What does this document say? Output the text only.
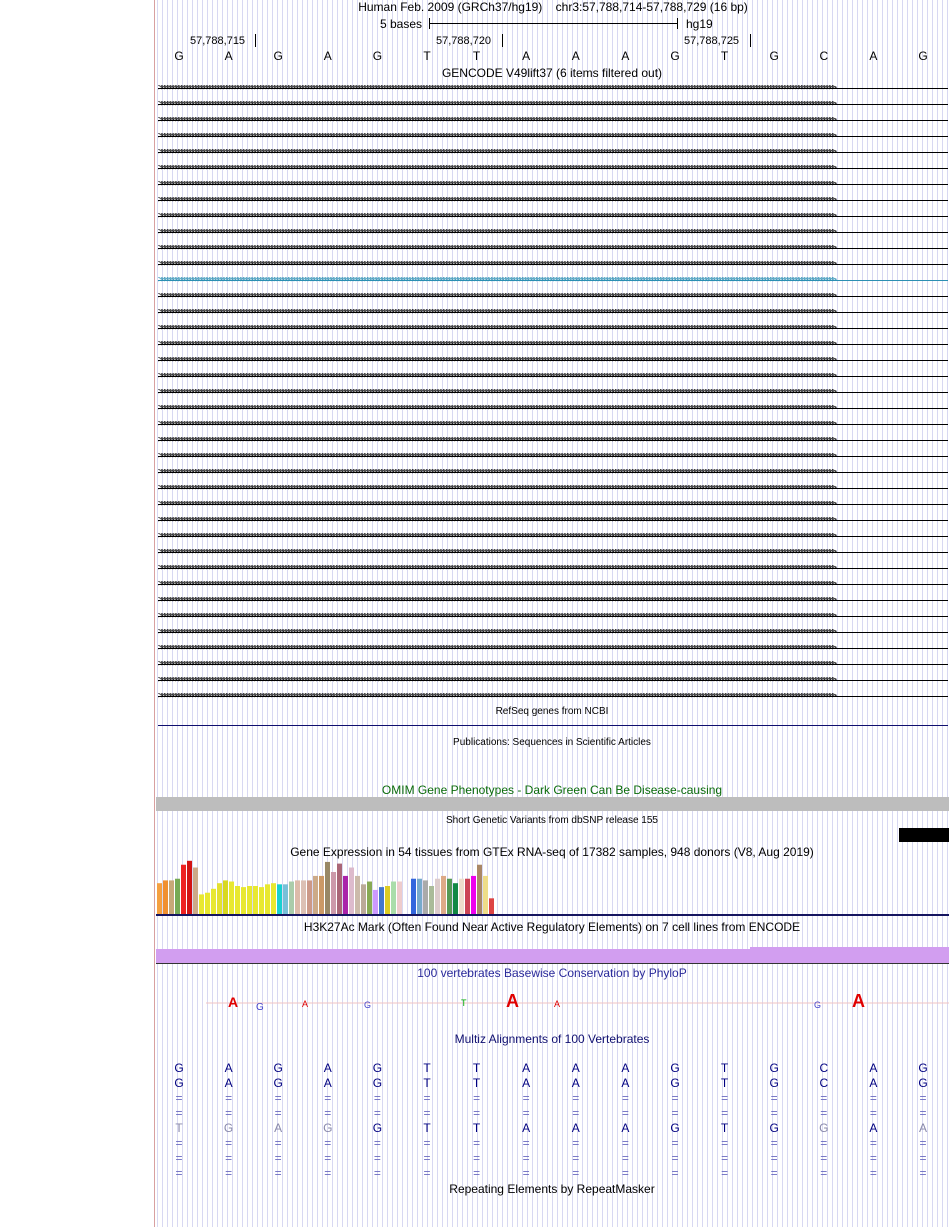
Human Feb. 2009 (GRCh37/hg19) chr3:57,788,714-57,788,729 (16 bp)
5 bases	hg19
57,788,715	57,788,720	57,788,725
G	A	G	A	G	T	T	A	A	A	G	T	G	C	A	G
GENCODE V49lift37 (6 items filtered out)
>>>>>>>>>>>>>>>>>>>>>>>>>>>>>>>>>>>>>>>>>>>>>>>>>>>>>>>>>>>>>>>>>>>>>>>>>>>>>>>>>>>>>>>>>>>>>>>>>>>>>>>>>>>>>>>>>>>>>>>>>>>>>>>>>>>>>>>>>>>>>>>>>>>>>>>>>>>>>>>>>>>>>>>>>>>>>>>>>>>>>>>>>>>>>>>>>>>>>>>>>>>>>>>>>>>>>>>>>>>>>>>>>>>>>>>>>>>>>>>>
>>>>>>>>>>>>>>>>>>>>>>>>>>>>>>>>>>>>>>>>>>>>>>>>>>>>>>>>>>>>>>>>>>>>>>>>>>>>>>>>>>>>>>>>>>>>>>>>>>>>>>>>>>>>>>>>>>>>>>>>>>>>>>>>>>>>>>>>>>>>>>>>>>>>>>>>>>>>>>>>>>>>>>>>>>>>>>>>>>>>>>>>>>>>>>>>>>>>>>>>>>>>>>>>>>>>>>>>>>>>>>>>>>>>>>>>>>>>>>>>
>>>>>>>>>>>>>>>>>>>>>>>>>>>>>>>>>>>>>>>>>>>>>>>>>>>>>>>>>>>>>>>>>>>>>>>>>>>>>>>>>>>>>>>>>>>>>>>>>>>>>>>>>>>>>>>>>>>>>>>>>>>>>>>>>>>>>>>>>>>>>>>>>>>>>>>>>>>>>>>>>>>>>>>>>>>>>>>>>>>>>>>>>>>>>>>>>>>>>>>>>>>>>>>>>>>>>>>>>>>>>>>>>>>>>>>>>>>>>>>>
>>>>>>>>>>>>>>>>>>>>>>>>>>>>>>>>>>>>>>>>>>>>>>>>>>>>>>>>>>>>>>>>>>>>>>>>>>>>>>>>>>>>>>>>>>>>>>>>>>>>>>>>>>>>>>>>>>>>>>>>>>>>>>>>>>>>>>>>>>>>>>>>>>>>>>>>>>>>>>>>>>>>>>>>>>>>>>>>>>>>>>>>>>>>>>>>>>>>>>>>>>>>>>>>>>>>>>>>>>>>>>>>>>>>>>>>>>>>>>>>
>>>>>>>>>>>>>>>>>>>>>>>>>>>>>>>>>>>>>>>>>>>>>>>>>>>>>>>>>>>>>>>>>>>>>>>>>>>>>>>>>>>>>>>>>>>>>>>>>>>>>>>>>>>>>>>>>>>>>>>>>>>>>>>>>>>>>>>>>>>>>>>>>>>>>>>>>>>>>>>>>>>>>>>>>>>>>>>>>>>>>>>>>>>>>>>>>>>>>>>>>>>>>>>>>>>>>>>>>>>>>>>>>>>>>>>>>>>>>>>>
>>>>>>>>>>>>>>>>>>>>>>>>>>>>>>>>>>>>>>>>>>>>>>>>>>>>>>>>>>>>>>>>>>>>>>>>>>>>>>>>>>>>>>>>>>>>>>>>>>>>>>>>>>>>>>>>>>>>>>>>>>>>>>>>>>>>>>>>>>>>>>>>>>>>>>>>>>>>>>>>>>>>>>>>>>>>>>>>>>>>>>>>>>>>>>>>>>>>>>>>>>>>>>>>>>>>>>>>>>>>>>>>>>>>>>>>>>>>>>>>
>>>>>>>>>>>>>>>>>>>>>>>>>>>>>>>>>>>>>>>>>>>>>>>>>>>>>>>>>>>>>>>>>>>>>>>>>>>>>>>>>>>>>>>>>>>>>>>>>>>>>>>>>>>>>>>>>>>>>>>>>>>>>>>>>>>>>>>>>>>>>>>>>>>>>>>>>>>>>>>>>>>>>>>>>>>>>>>>>>>>>>>>>>>>>>>>>>>>>>>>>>>>>>>>>>>>>>>>>>>>>>>>>>>>>>>>>>>>>>>>
>>>>>>>>>>>>>>>>>>>>>>>>>>>>>>>>>>>>>>>>>>>>>>>>>>>>>>>>>>>>>>>>>>>>>>>>>>>>>>>>>>>>>>>>>>>>>>>>>>>>>>>>>>>>>>>>>>>>>>>>>>>>>>>>>>>>>>>>>>>>>>>>>>>>>>>>>>>>>>>>>>>>>>>>>>>>>>>>>>>>>>>>>>>>>>>>>>>>>>>>>>>>>>>>>>>>>>>>>>>>>>>>>>>>>>>>>>>>>>>>
>>>>>>>>>>>>>>>>>>>>>>>>>>>>>>>>>>>>>>>>>>>>>>>>>>>>>>>>>>>>>>>>>>>>>>>>>>>>>>>>>>>>>>>>>>>>>>>>>>>>>>>>>>>>>>>>>>>>>>>>>>>>>>>>>>>>>>>>>>>>>>>>>>>>>>>>>>>>>>>>>>>>>>>>>>>>>>>>>>>>>>>>>>>>>>>>>>>>>>>>>>>>>>>>>>>>>>>>>>>>>>>>>>>>>>>>>>>>>>>>
>>>>>>>>>>>>>>>>>>>>>>>>>>>>>>>>>>>>>>>>>>>>>>>>>>>>>>>>>>>>>>>>>>>>>>>>>>>>>>>>>>>>>>>>>>>>>>>>>>>>>>>>>>>>>>>>>>>>>>>>>>>>>>>>>>>>>>>>>>>>>>>>>>>>>>>>>>>>>>>>>>>>>>>>>>>>>>>>>>>>>>>>>>>>>>>>>>>>>>>>>>>>>>>>>>>>>>>>>>>>>>>>>>>>>>>>>>>>>>>>
>>>>>>>>>>>>>>>>>>>>>>>>>>>>>>>>>>>>>>>>>>>>>>>>>>>>>>>>>>>>>>>>>>>>>>>>>>>>>>>>>>>>>>>>>>>>>>>>>>>>>>>>>>>>>>>>>>>>>>>>>>>>>>>>>>>>>>>>>>>>>>>>>>>>>>>>>>>>>>>>>>>>>>>>>>>>>>>>>>>>>>>>>>>>>>>>>>>>>>>>>>>>>>>>>>>>>>>>>>>>>>>>>>>>>>>>>>>>>>>>
>>>>>>>>>>>>>>>>>>>>>>>>>>>>>>>>>>>>>>>>>>>>>>>>>>>>>>>>>>>>>>>>>>>>>>>>>>>>>>>>>>>>>>>>>>>>>>>>>>>>>>>>>>>>>>>>>>>>>>>>>>>>>>>>>>>>>>>>>>>>>>>>>>>>>>>>>>>>>>>>>>>>>>>>>>>>>>>>>>>>>>>>>>>>>>>>>>>>>>>>>>>>>>>>>>>>>>>>>>>>>>>>>>>>>>>>>>>>>>>>
>>>>>>>>>>>>>>>>>>>>>>>>>>>>>>>>>>>>>>>>>>>>>>>>>>>>>>>>>>>>>>>>>>>>>>>>>>>>>>>>>>>>>>>>>>>>>>>>>>>>>>>>>>>>>>>>>>>>>>>>>>>>>>>>>>>>>>>>>>>>>>>>>>>>>>>>>>>>>>>>>>>>>>>>>>>>>>>>>>>>>>>>>>>>>>>>>>>>>>>>>>>>>>>>>>>>>>>>>>>>>>>>>>>>>>>>>>>>>>>>
>>>>>>>>>>>>>>>>>>>>>>>>>>>>>>>>>>>>>>>>>>>>>>>>>>>>>>>>>>>>>>>>>>>>>>>>>>>>>>>>>>>>>>>>>>>>>>>>>>>>>>>>>>>>>>>>>>>>>>>>>>>>>>>>>>>>>>>>>>>>>>>>>>>>>>>>>>>>>>>>>>>>>>>>>>>>>>>>>>>>>>>>>>>>>>>>>>>>>>>>>>>>>>>>>>>>>>>>>>>>>>>>>>>>>>>>>>>>>>>>
>>>>>>>>>>>>>>>>>>>>>>>>>>>>>>>>>>>>>>>>>>>>>>>>>>>>>>>>>>>>>>>>>>>>>>>>>>>>>>>>>>>>>>>>>>>>>>>>>>>>>>>>>>>>>>>>>>>>>>>>>>>>>>>>>>>>>>>>>>>>>>>>>>>>>>>>>>>>>>>>>>>>>>>>>>>>>>>>>>>>>>>>>>>>>>>>>>>>>>>>>>>>>>>>>>>>>>>>>>>>>>>>>>>>>>>>>>>>>>>>
>>>>>>>>>>>>>>>>>>>>>>>>>>>>>>>>>>>>>>>>>>>>>>>>>>>>>>>>>>>>>>>>>>>>>>>>>>>>>>>>>>>>>>>>>>>>>>>>>>>>>>>>>>>>>>>>>>>>>>>>>>>>>>>>>>>>>>>>>>>>>>>>>>>>>>>>>>>>>>>>>>>>>>>>>>>>>>>>>>>>>>>>>>>>>>>>>>>>>>>>>>>>>>>>>>>>>>>>>>>>>>>>>>>>>>>>>>>>>>>>
>>>>>>>>>>>>>>>>>>>>>>>>>>>>>>>>>>>>>>>>>>>>>>>>>>>>>>>>>>>>>>>>>>>>>>>>>>>>>>>>>>>>>>>>>>>>>>>>>>>>>>>>>>>>>>>>>>>>>>>>>>>>>>>>>>>>>>>>>>>>>>>>>>>>>>>>>>>>>>>>>>>>>>>>>>>>>>>>>>>>>>>>>>>>>>>>>>>>>>>>>>>>>>>>>>>>>>>>>>>>>>>>>>>>>>>>>>>>>>>>
>>>>>>>>>>>>>>>>>>>>>>>>>>>>>>>>>>>>>>>>>>>>>>>>>>>>>>>>>>>>>>>>>>>>>>>>>>>>>>>>>>>>>>>>>>>>>>>>>>>>>>>>>>>>>>>>>>>>>>>>>>>>>>>>>>>>>>>>>>>>>>>>>>>>>>>>>>>>>>>>>>>>>>>>>>>>>>>>>>>>>>>>>>>>>>>>>>>>>>>>>>>>>>>>>>>>>>>>>>>>>>>>>>>>>>>>>>>>>>>>
>>>>>>>>>>>>>>>>>>>>>>>>>>>>>>>>>>>>>>>>>>>>>>>>>>>>>>>>>>>>>>>>>>>>>>>>>>>>>>>>>>>>>>>>>>>>>>>>>>>>>>>>>>>>>>>>>>>>>>>>>>>>>>>>>>>>>>>>>>>>>>>>>>>>>>>>>>>>>>>>>>>>>>>>>>>>>>>>>>>>>>>>>>>>>>>>>>>>>>>>>>>>>>>>>>>>>>>>>>>>>>>>>>>>>>>>>>>>>>>>
>>>>>>>>>>>>>>>>>>>>>>>>>>>>>>>>>>>>>>>>>>>>>>>>>>>>>>>>>>>>>>>>>>>>>>>>>>>>>>>>>>>>>>>>>>>>>>>>>>>>>>>>>>>>>>>>>>>>>>>>>>>>>>>>>>>>>>>>>>>>>>>>>>>>>>>>>>>>>>>>>>>>>>>>>>>>>>>>>>>>>>>>>>>>>>>>>>>>>>>>>>>>>>>>>>>>>>>>>>>>>>>>>>>>>>>>>>>>>>>>
>>>>>>>>>>>>>>>>>>>>>>>>>>>>>>>>>>>>>>>>>>>>>>>>>>>>>>>>>>>>>>>>>>>>>>>>>>>>>>>>>>>>>>>>>>>>>>>>>>>>>>>>>>>>>>>>>>>>>>>>>>>>>>>>>>>>>>>>>>>>>>>>>>>>>>>>>>>>>>>>>>>>>>>>>>>>>>>>>>>>>>>>>>>>>>>>>>>>>>>>>>>>>>>>>>>>>>>>>>>>>>>>>>>>>>>>>>>>>>>>
>>>>>>>>>>>>>>>>>>>>>>>>>>>>>>>>>>>>>>>>>>>>>>>>>>>>>>>>>>>>>>>>>>>>>>>>>>>>>>>>>>>>>>>>>>>>>>>>>>>>>>>>>>>>>>>>>>>>>>>>>>>>>>>>>>>>>>>>>>>>>>>>>>>>>>>>>>>>>>>>>>>>>>>>>>>>>>>>>>>>>>>>>>>>>>>>>>>>>>>>>>>>>>>>>>>>>>>>>>>>>>>>>>>>>>>>>>>>>>>>
>>>>>>>>>>>>>>>>>>>>>>>>>>>>>>>>>>>>>>>>>>>>>>>>>>>>>>>>>>>>>>>>>>>>>>>>>>>>>>>>>>>>>>>>>>>>>>>>>>>>>>>>>>>>>>>>>>>>>>>>>>>>>>>>>>>>>>>>>>>>>>>>>>>>>>>>>>>>>>>>>>>>>>>>>>>>>>>>>>>>>>>>>>>>>>>>>>>>>>>>>>>>>>>>>>>>>>>>>>>>>>>>>>>>>>>>>>>>>>>>
>>>>>>>>>>>>>>>>>>>>>>>>>>>>>>>>>>>>>>>>>>>>>>>>>>>>>>>>>>>>>>>>>>>>>>>>>>>>>>>>>>>>>>>>>>>>>>>>>>>>>>>>>>>>>>>>>>>>>>>>>>>>>>>>>>>>>>>>>>>>>>>>>>>>>>>>>>>>>>>>>>>>>>>>>>>>>>>>>>>>>>>>>>>>>>>>>>>>>>>>>>>>>>>>>>>>>>>>>>>>>>>>>>>>>>>>>>>>>>>>
>>>>>>>>>>>>>>>>>>>>>>>>>>>>>>>>>>>>>>>>>>>>>>>>>>>>>>>>>>>>>>>>>>>>>>>>>>>>>>>>>>>>>>>>>>>>>>>>>>>>>>>>>>>>>>>>>>>>>>>>>>>>>>>>>>>>>>>>>>>>>>>>>>>>>>>>>>>>>>>>>>>>>>>>>>>>>>>>>>>>>>>>>>>>>>>>>>>>>>>>>>>>>>>>>>>>>>>>>>>>>>>>>>>>>>>>>>>>>>>>
>>>>>>>>>>>>>>>>>>>>>>>>>>>>>>>>>>>>>>>>>>>>>>>>>>>>>>>>>>>>>>>>>>>>>>>>>>>>>>>>>>>>>>>>>>>>>>>>>>>>>>>>>>>>>>>>>>>>>>>>>>>>>>>>>>>>>>>>>>>>>>>>>>>>>>>>>>>>>>>>>>>>>>>>>>>>>>>>>>>>>>>>>>>>>>>>>>>>>>>>>>>>>>>>>>>>>>>>>>>>>>>>>>>>>>>>>>>>>>>>
>>>>>>>>>>>>>>>>>>>>>>>>>>>>>>>>>>>>>>>>>>>>>>>>>>>>>>>>>>>>>>>>>>>>>>>>>>>>>>>>>>>>>>>>>>>>>>>>>>>>>>>>>>>>>>>>>>>>>>>>>>>>>>>>>>>>>>>>>>>>>>>>>>>>>>>>>>>>>>>>>>>>>>>>>>>>>>>>>>>>>>>>>>>>>>>>>>>>>>>>>>>>>>>>>>>>>>>>>>>>>>>>>>>>>>>>>>>>>>>>
>>>>>>>>>>>>>>>>>>>>>>>>>>>>>>>>>>>>>>>>>>>>>>>>>>>>>>>>>>>>>>>>>>>>>>>>>>>>>>>>>>>>>>>>>>>>>>>>>>>>>>>>>>>>>>>>>>>>>>>>>>>>>>>>>>>>>>>>>>>>>>>>>>>>>>>>>>>>>>>>>>>>>>>>>>>>>>>>>>>>>>>>>>>>>>>>>>>>>>>>>>>>>>>>>>>>>>>>>>>>>>>>>>>>>>>>>>>>>>>>
>>>>>>>>>>>>>>>>>>>>>>>>>>>>>>>>>>>>>>>>>>>>>>>>>>>>>>>>>>>>>>>>>>>>>>>>>>>>>>>>>>>>>>>>>>>>>>>>>>>>>>>>>>>>>>>>>>>>>>>>>>>>>>>>>>>>>>>>>>>>>>>>>>>>>>>>>>>>>>>>>>>>>>>>>>>>>>>>>>>>>>>>>>>>>>>>>>>>>>>>>>>>>>>>>>>>>>>>>>>>>>>>>>>>>>>>>>>>>>>>
>>>>>>>>>>>>>>>>>>>>>>>>>>>>>>>>>>>>>>>>>>>>>>>>>>>>>>>>>>>>>>>>>>>>>>>>>>>>>>>>>>>>>>>>>>>>>>>>>>>>>>>>>>>>>>>>>>>>>>>>>>>>>>>>>>>>>>>>>>>>>>>>>>>>>>>>>>>>>>>>>>>>>>>>>>>>>>>>>>>>>>>>>>>>>>>>>>>>>>>>>>>>>>>>>>>>>>>>>>>>>>>>>>>>>>>>>>>>>>>>
>>>>>>>>>>>>>>>>>>>>>>>>>>>>>>>>>>>>>>>>>>>>>>>>>>>>>>>>>>>>>>>>>>>>>>>>>>>>>>>>>>>>>>>>>>>>>>>>>>>>>>>>>>>>>>>>>>>>>>>>>>>>>>>>>>>>>>>>>>>>>>>>>>>>>>>>>>>>>>>>>>>>>>>>>>>>>>>>>>>>>>>>>>>>>>>>>>>>>>>>>>>>>>>>>>>>>>>>>>>>>>>>>>>>>>>>>>>>>>>>
>>>>>>>>>>>>>>>>>>>>>>>>>>>>>>>>>>>>>>>>>>>>>>>>>>>>>>>>>>>>>>>>>>>>>>>>>>>>>>>>>>>>>>>>>>>>>>>>>>>>>>>>>>>>>>>>>>>>>>>>>>>>>>>>>>>>>>>>>>>>>>>>>>>>>>>>>>>>>>>>>>>>>>>>>>>>>>>>>>>>>>>>>>>>>>>>>>>>>>>>>>>>>>>>>>>>>>>>>>>>>>>>>>>>>>>>>>>>>>>>
>>>>>>>>>>>>>>>>>>>>>>>>>>>>>>>>>>>>>>>>>>>>>>>>>>>>>>>>>>>>>>>>>>>>>>>>>>>>>>>>>>>>>>>>>>>>>>>>>>>>>>>>>>>>>>>>>>>>>>>>>>>>>>>>>>>>>>>>>>>>>>>>>>>>>>>>>>>>>>>>>>>>>>>>>>>>>>>>>>>>>>>>>>>>>>>>>>>>>>>>>>>>>>>>>>>>>>>>>>>>>>>>>>>>>>>>>>>>>>>>
>>>>>>>>>>>>>>>>>>>>>>>>>>>>>>>>>>>>>>>>>>>>>>>>>>>>>>>>>>>>>>>>>>>>>>>>>>>>>>>>>>>>>>>>>>>>>>>>>>>>>>>>>>>>>>>>>>>>>>>>>>>>>>>>>>>>>>>>>>>>>>>>>>>>>>>>>>>>>>>>>>>>>>>>>>>>>>>>>>>>>>>>>>>>>>>>>>>>>>>>>>>>>>>>>>>>>>>>>>>>>>>>>>>>>>>>>>>>>>>>
>>>>>>>>>>>>>>>>>>>>>>>>>>>>>>>>>>>>>>>>>>>>>>>>>>>>>>>>>>>>>>>>>>>>>>>>>>>>>>>>>>>>>>>>>>>>>>>>>>>>>>>>>>>>>>>>>>>>>>>>>>>>>>>>>>>>>>>>>>>>>>>>>>>>>>>>>>>>>>>>>>>>>>>>>>>>>>>>>>>>>>>>>>>>>>>>>>>>>>>>>>>>>>>>>>>>>>>>>>>>>>>>>>>>>>>>>>>>>>>>
>>>>>>>>>>>>>>>>>>>>>>>>>>>>>>>>>>>>>>>>>>>>>>>>>>>>>>>>>>>>>>>>>>>>>>>>>>>>>>>>>>>>>>>>>>>>>>>>>>>>>>>>>>>>>>>>>>>>>>>>>>>>>>>>>>>>>>>>>>>>>>>>>>>>>>>>>>>>>>>>>>>>>>>>>>>>>>>>>>>>>>>>>>>>>>>>>>>>>>>>>>>>>>>>>>>>>>>>>>>>>>>>>>>>>>>>>>>>>>>>
>>>>>>>>>>>>>>>>>>>>>>>>>>>>>>>>>>>>>>>>>>>>>>>>>>>>>>>>>>>>>>>>>>>>>>>>>>>>>>>>>>>>>>>>>>>>>>>>>>>>>>>>>>>>>>>>>>>>>>>>>>>>>>>>>>>>>>>>>>>>>>>>>>>>>>>>>>>>>>>>>>>>>>>>>>>>>>>>>>>>>>>>>>>>>>>>>>>>>>>>>>>>>>>>>>>>>>>>>>>>>>>>>>>>>>>>>>>>>>>>
>>>>>>>>>>>>>>>>>>>>>>>>>>>>>>>>>>>>>>>>>>>>>>>>>>>>>>>>>>>>>>>>>>>>>>>>>>>>>>>>>>>>>>>>>>>>>>>>>>>>>>>>>>>>>>>>>>>>>>>>>>>>>>>>>>>>>>>>>>>>>>>>>>>>>>>>>>>>>>>>>>>>>>>>>>>>>>>>>>>>>>>>>>>>>>>>>>>>>>>>>>>>>>>>>>>>>>>>>>>>>>>>>>>>>>>>>>>>>>>>
>>>>>>>>>>>>>>>>>>>>>>>>>>>>>>>>>>>>>>>>>>>>>>>>>>>>>>>>>>>>>>>>>>>>>>>>>>>>>>>>>>>>>>>>>>>>>>>>>>>>>>>>>>>>>>>>>>>>>>>>>>>>>>>>>>>>>>>>>>>>>>>>>>>>>>>>>>>>>>>>>>>>>>>>>>>>>>>>>>>>>>>>>>>>>>>>>>>>>>>>>>>>>>>>>>>>>>>>>>>>>>>>>>>>>>>>>>>>>>>>
RefSeq genes from NCBI
Publications: Sequences in Scientific Articles
OMIM Gene Phenotypes - Dark Green Can Be Disease-causing
Short Genetic Variants from dbSNP release 155
Gene Expression in 54 tissues from GTEx RNA-seq of 17382 samples, 948 donors (V8, Aug 2019)
H3K27Ac Mark (Often Found Near Active Regulatory Elements) on 7 cell lines from ENCODE
100 vertebrates Basewise Conservation by PhyloP
A G	A	G	T A	A	G A
Multiz Alignments of 100 Vertebrates
G	A	G	A	G	T	T	A	A	A	G	T	G	C	A	G
G	A	G	A	G	T	T	A	A	A	G	T	G	C	A	G
=	=	=	=	=	=	=	=	=	=	=	=	=	=	=	=
=	=	=	=	=	=	=	=	=	=	=	=	=	=	=	=
T	G	A	G	G	T	T	A	A	A	G	T	G	G	A	A
=	=	=	=	=	=	=	=	=	=	=	=	=	=	=	=
=	=	=	=	=	=	=	=	=	=	=	=	=	=	=	=
=	=	=	=	=	=	=	=	=	=	=	=	=	=	=	=
Repeating Elements by RepeatMasker
